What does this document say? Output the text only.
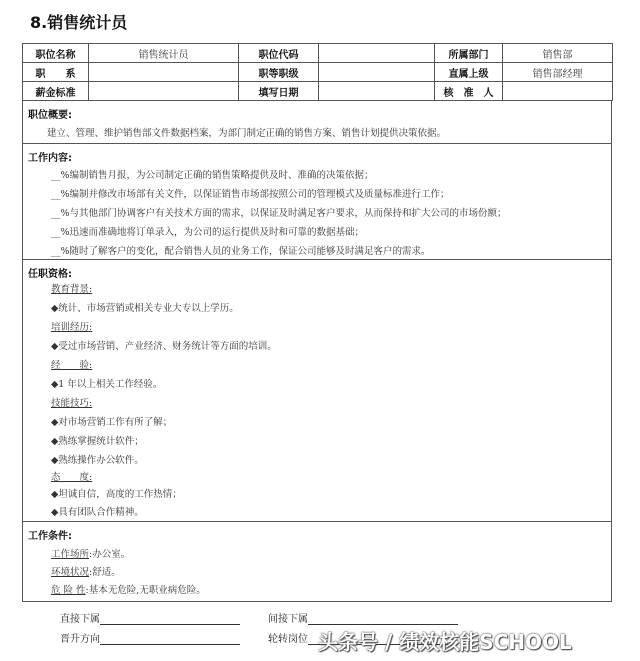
8.销售统计员
职位名称	销售统计员	职位代码		所属部门	销售部
职　　系		职等职级		直属上级	销售部经理
薪金标准		填写日期		核　准　人	
职位概要:
建立、管理、维护销售部文件数据档案，为部门制定正确的销售方案、销售计划提供决策依据。
工作内容:
__%编制销售月报，为公司制定正确的销售策略提供及时、准确的决策依据；
__%编制并修改市场部有关文件，以保证销售市场部按照公司的管理模式及质量标准进行工作；
__%与其他部门协调客户有关技术方面的需求，以保证及时满足客户要求，从而保持和扩大公司的市场份额；
__%迅速而准确地将订单录入，为公司的运行提供及时和可靠的数据基础；
__%随时了解客户的变化，配合销售人员的业务工作，保证公司能够及时满足客户的需求。
任职资格:
教育背景:
◆统计、市场营销或相关专业大专以上学历。
培训经历:
◆受过市场营销、产业经济、财务统计等方面的培训。
经　　验:
◆1 年以上相关工作经验。
技能技巧:
◆对市场营销工作有所了解；
◆熟练掌握统计软件；
◆熟练操作办公软件。
态　　度:
◆坦诚自信，高度的工作热情；
◆具有团队合作精神。
工作条件:
工作场所:办公室。
环境状况:舒适。
危 险 性:基本无危险,无职业病危险。
直接下属	间接下属
晋升方向	轮转岗位 头条号 / 绩效核能SCHOOL
